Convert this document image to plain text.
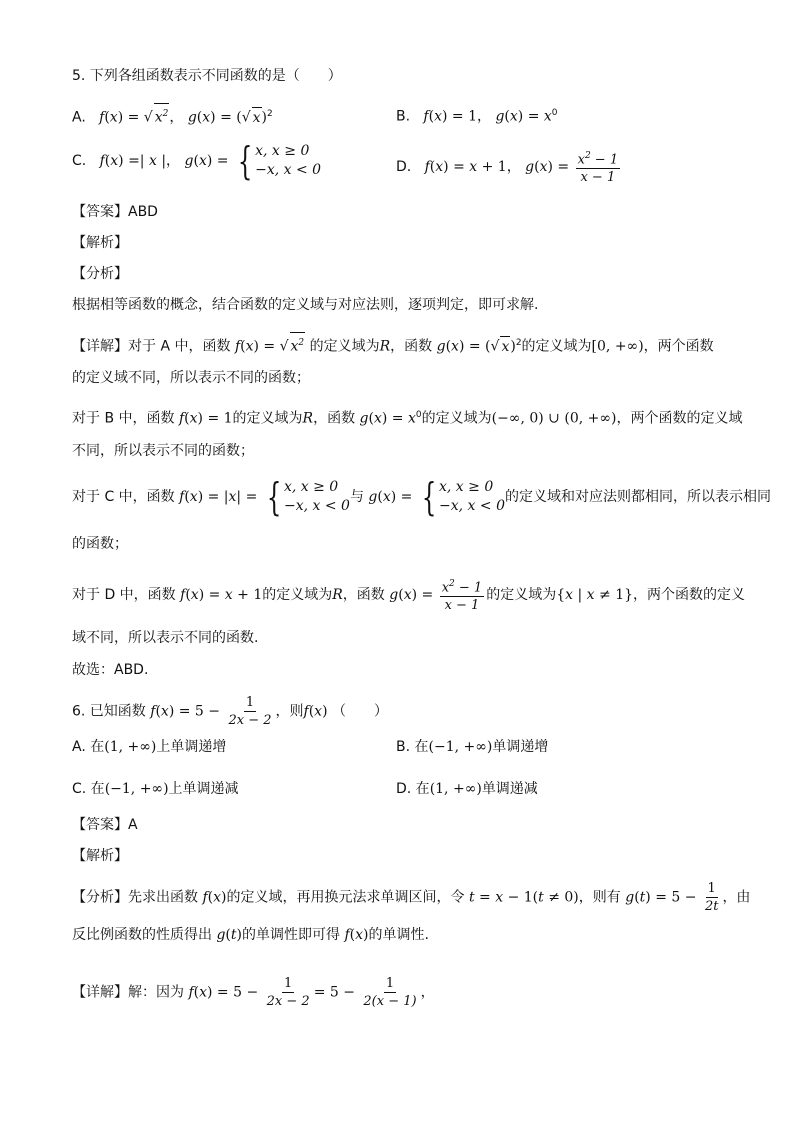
5. 下列各组函数表示不同函数的是（　　）
A. f(x) = √ $x^2$， g(x) = (√ x)$^2$	B. f(x) = 1， $g(x) = x^0$
C. f(x) =| x |， g(x) = { x, x ≥ 0
−x, x < 0	D. f(x) = x + 1， $g(x) = \frac{x^2 - 1}{x - 1}$
【答案】ABD
【解析】
【分析】
根据相等函数的概念，结合函数的定义域与对应法则，逐项判定，即可求解.
【详解】对于 A 中，函数 f(x) = √ $x^2$ 的定义域为R，函数 g(x) = (√ x)$^2$的定义域为[0, +∞)，两个函数
的定义域不同，所以表示不同的函数；
对于 B 中，函数 f(x) = 1的定义域为R，函数 $g(x) = x^0$的定义域为(−∞, 0) ∪ (0, +∞)，两个函数的定义域
不同，所以表示不同的函数；
对于 C 中，函数 f(x) = |x| = { x, x ≥ 0
−x, x < 0
与 g(x) = { x, x ≥ 0
−x, x < 0
的定义域和对应法则都相同，所以表示相同
的函数；
对于 D 中，函数 f(x) = x + 1的定义域为R，函数 $g(x) = \frac{x^2 - 1}{x - 1}$ 的定义域为{x | x ≠ 1}，两个函数的定义
域不同，所以表示不同的函数.
故选：ABD.
6. 已知函数 $f(x) = 5 - \frac{1}{2x - 2}$ ，则f(x) （　　）
A. 在(1, +∞)上单调递增	B. 在(−1, +∞)单调递增
C. 在(−1, +∞)上单调递减	D. 在(1, +∞)单调递减
【答案】A
【解析】
【分析】先求出函数 f(x)的定义域，再用换元法求单调区间，令 t = x − 1(t ≠ 0)，则有 $g(t) = 5 - \frac{1}{2t}$ ，由
反比例函数的性质得出 g(t)的单调性即可得 f(x)的单调性.
【详解】解：因为 $f(x) = 5 - \frac{1}{2x - 2} = 5 - \frac{1}{2(x - 1)}$ ，
